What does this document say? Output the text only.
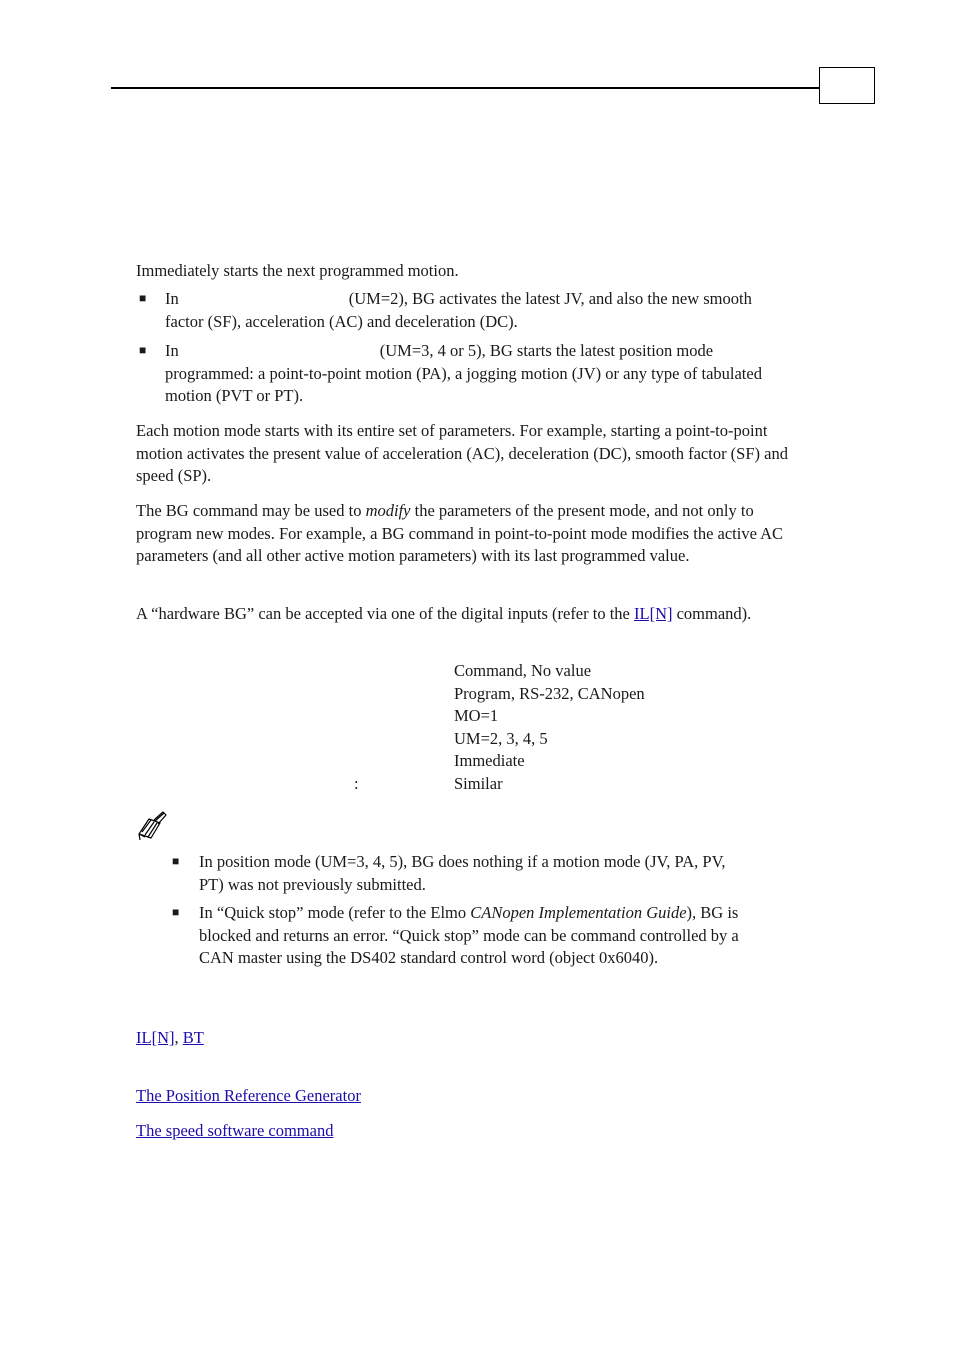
Immediately starts the next programmed motion.

■ In	(UM=2), BG activates the latest JV, and also the new smooth factor (SF), acceleration (AC) and deceleration (DC).
■ In	(UM=3, 4 or 5), BG starts the latest position mode programmed: a point-to-point motion (PA), a jogging motion (JV) or any type of tabulated motion (PVT or PT).

Each motion mode starts with its entire set of parameters. For example, starting a point-to-point motion activates the present value of acceleration (AC), deceleration (DC), smooth factor (SF) and speed (SP).

The BG command may be used to modify the parameters of the present mode, and not only to program new modes. For example, a BG command in point-to-point mode modifies the active AC parameters (and all other active motion parameters) with its last programmed value.

A “hardware BG” can be accepted via one of the digital inputs (refer to the IL[N] command).

Command, No value
Program, RS-232, CANopen
MO=1
UM=2, 3, 4, 5
Immediate
:	Similar
■ In position mode (UM=3, 4, 5), BG does nothing if a motion mode (JV, PA, PV, PT) was not previously submitted.
■ In “Quick stop” mode (refer to the Elmo CANopen Implementation Guide), BG is blocked and returns an error. “Quick stop” mode can be command controlled by a CAN master using the DS402 standard control word (object 0x6040).
IL[N], BT
The Position Reference Generator
The speed software command
